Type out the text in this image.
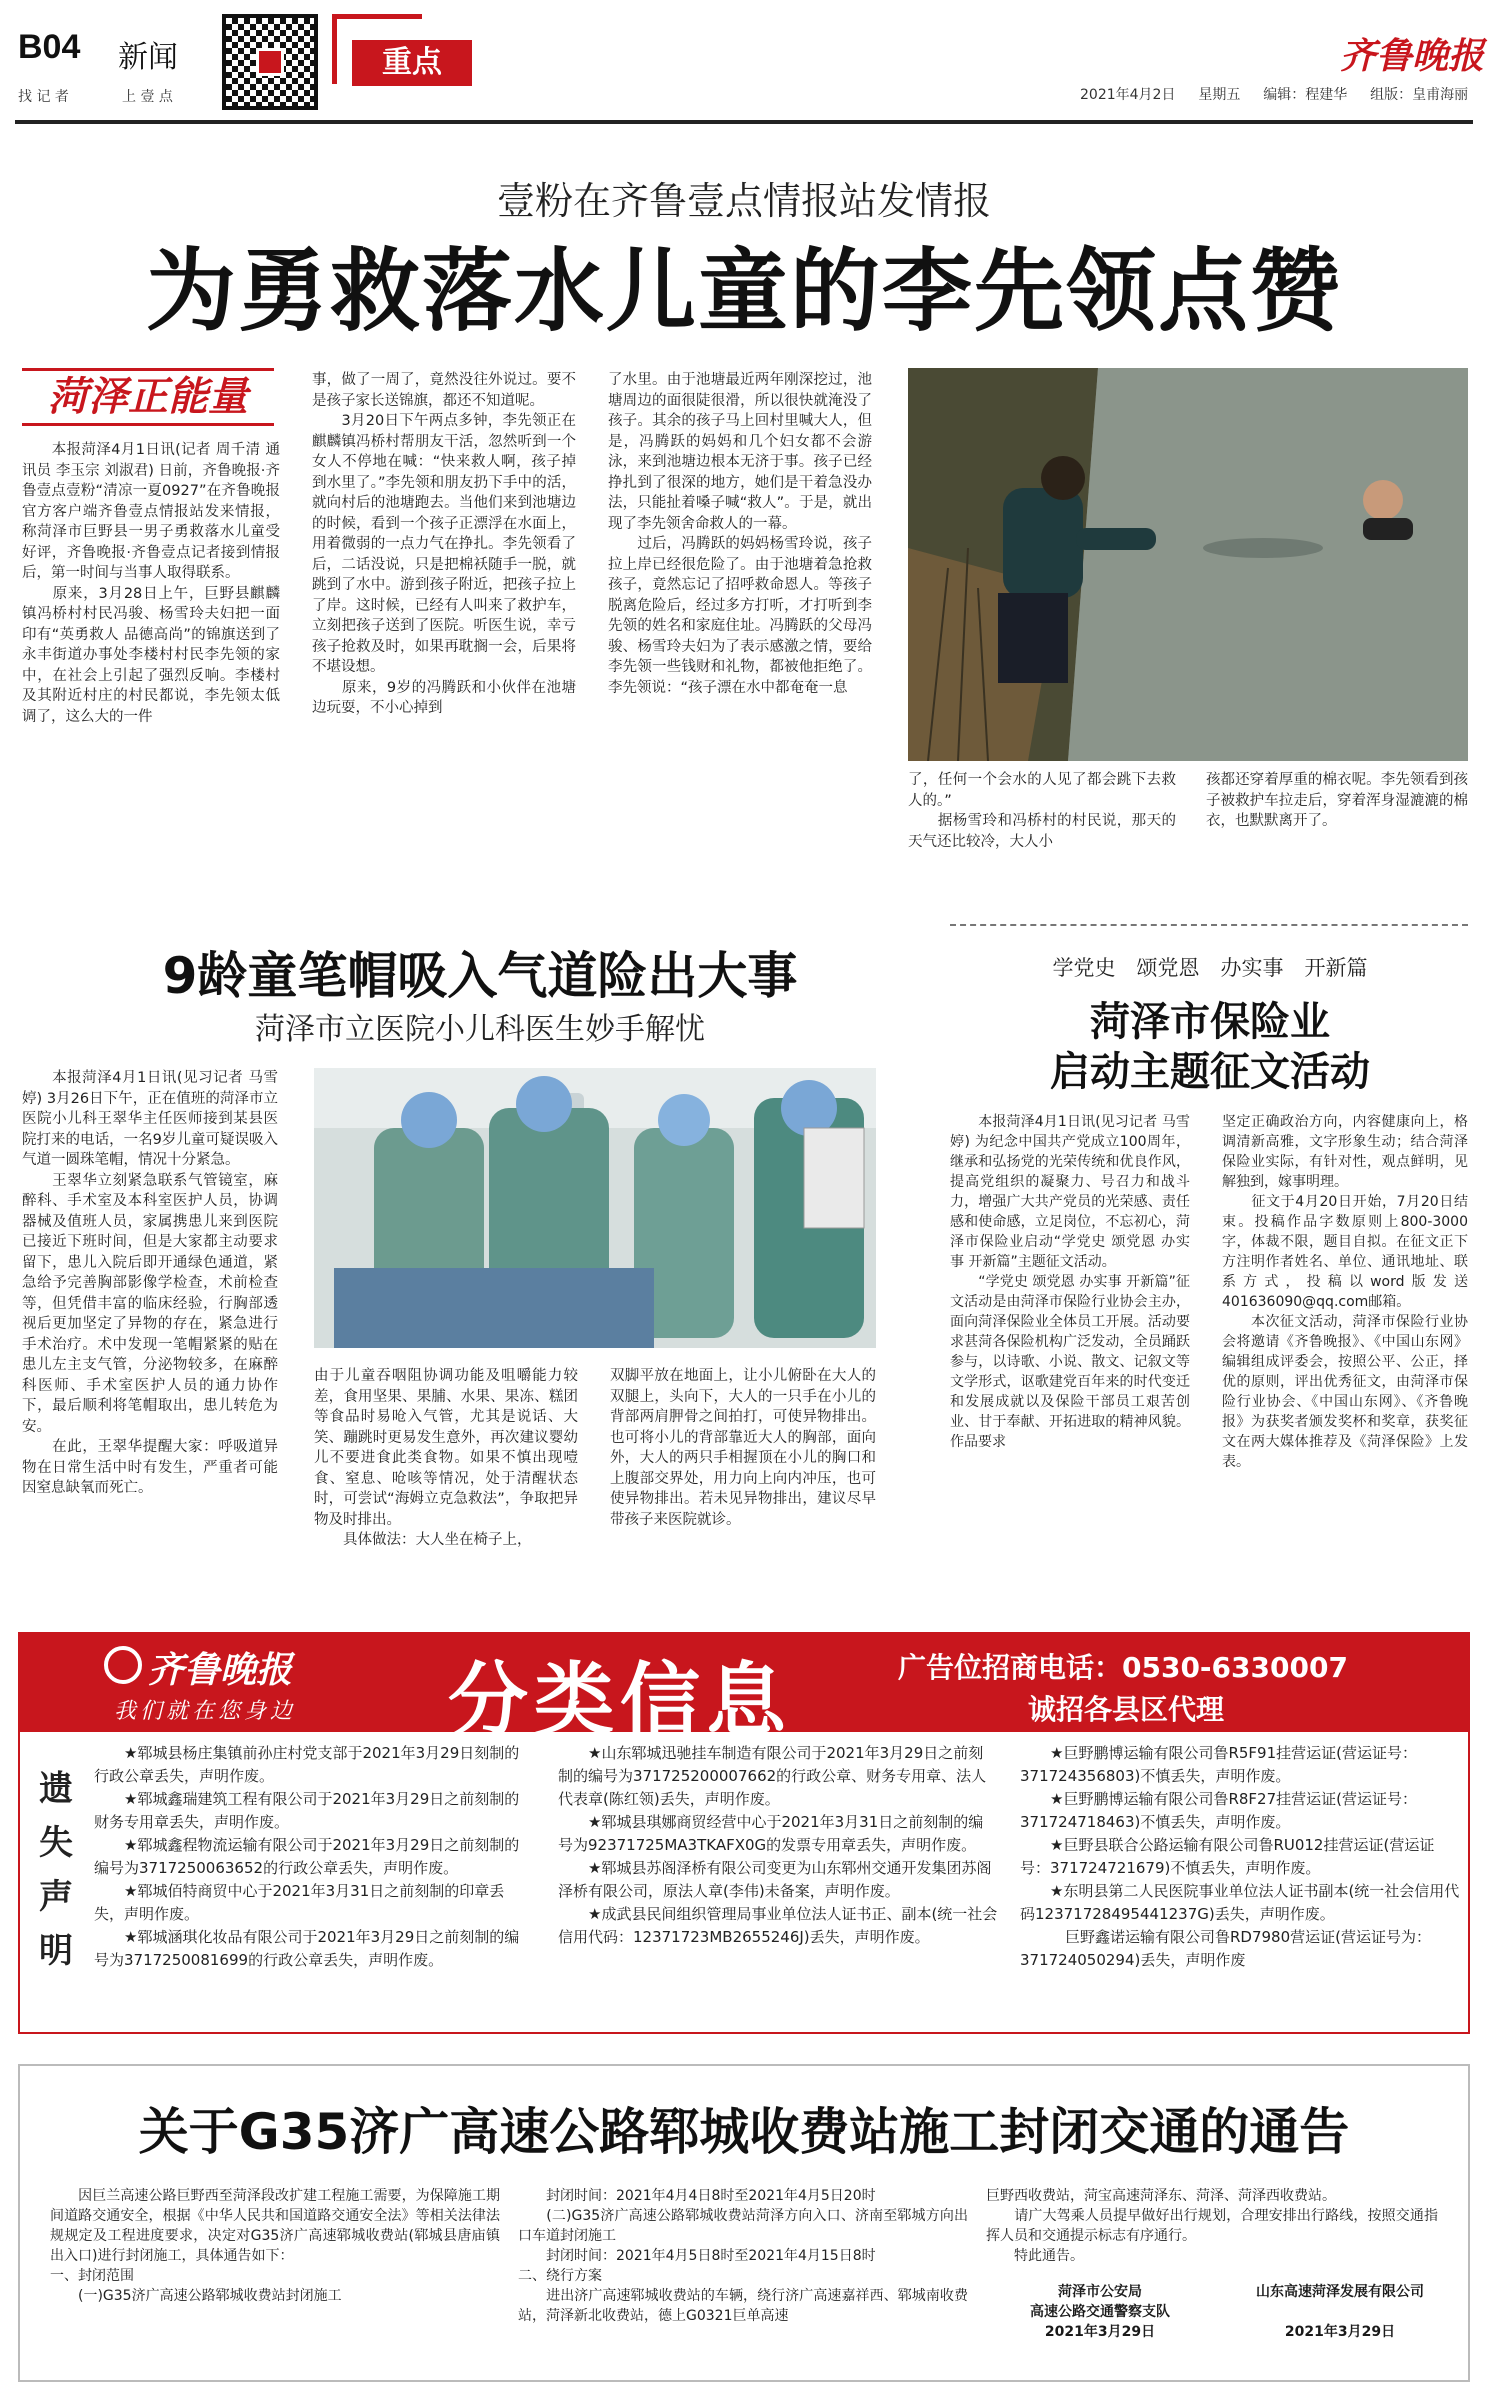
B04 新闻
找 记 者	上 壹 点
重点	齐鲁晚报
2021年4月2日 星期五 编辑：程建华 组版：皇甫海丽
壹粉在齐鲁壹点情报站发情报
为勇救落水儿童的李先领点赞
菏泽正能量
　　本报菏泽4月1日讯(记者 周千清 通讯员 李玉宗 刘淑君) 日前，齐鲁晚报·齐鲁壹点壹粉“清凉一夏0927”在齐鲁晚报官方客户端齐鲁壹点情报站发来情报，称菏泽市巨野县一男子勇救落水儿童受好评，齐鲁晚报·齐鲁壹点记者接到情报后，第一时间与当事人取得联系。
　　原来，3月28日上午，巨野县麒麟镇冯桥村村民冯骏、杨雪玲夫妇把一面印有“英勇救人 品德高尚”的锦旗送到了永丰街道办事处李楼村村民李先领的家中，在社会上引起了强烈反响。李楼村及其附近村庄的村民都说，李先领太低调了，这么大的一件
事，做了一周了，竟然没往外说过。要不是孩子家长送锦旗，都还不知道呢。
　　3月20日下午两点多钟，李先领正在麒麟镇冯桥村帮朋友干活，忽然听到一个女人不停地在喊：“快来救人啊，孩子掉到水里了。”李先领和朋友扔下手中的活，就向村后的池塘跑去。当他们来到池塘边的时候，看到一个孩子正漂浮在水面上，用着微弱的一点力气在挣扎。李先领看了后，二话没说，只是把棉袄随手一脱，就跳到了水中。游到孩子附近，把孩子拉上了岸。这时候，已经有人叫来了救护车，立刻把孩子送到了医院。听医生说，幸亏孩子抢救及时，如果再耽搁一会，后果将不堪设想。
　　原来，9岁的冯腾跃和小伙伴在池塘边玩耍，不小心掉到
了水里。由于池塘最近两年刚深挖过，池塘周边的面很陡很滑，所以很快就淹没了孩子。其余的孩子马上回村里喊大人，但是，冯腾跃的妈妈和几个妇女都不会游泳，来到池塘边根本无济于事。孩子已经挣扎到了很深的地方，她们是干着急没办法，只能扯着嗓子喊“救人”。于是，就出现了李先领舍命救人的一幕。
　　过后，冯腾跃的妈妈杨雪玲说，孩子拉上岸已经很危险了。由于池塘着急抢救孩子，竟然忘记了招呼救命恩人。等孩子脱离危险后，经过多方打听，才打听到李先领的姓名和家庭住址。冯腾跃的父母冯骏、杨雪玲夫妇为了表示感激之情，要给李先领一些钱财和礼物，都被他拒绝了。李先领说：“孩子漂在水中都奄奄一息
了，任何一个会水的人见了都会跳下去救人的。”
　　据杨雪玲和冯桥村的村民说，那天的天气还比较冷，大人小
孩都还穿着厚重的棉衣呢。李先领看到孩子被救护车拉走后，穿着浑身湿漉漉的棉衣，也默默离开了。
9龄童笔帽吸入气道险出大事
菏泽市立医院小儿科医生妙手解忧
　　本报菏泽4月1日讯(见习记者 马雪婷) 3月26日下午，正在值班的菏泽市立医院小儿科王翠华主任医师接到某县医院打来的电话，一名9岁儿童可疑误吸入气道一圆珠笔帽，情况十分紧急。
　　王翠华立刻紧急联系气管镜室，麻醉科、手术室及本科室医护人员，协调器械及值班人员，家属携患儿来到医院已接近下班时间，但是大家都主动要求留下，患儿入院后即开通绿色通道，紧急给予完善胸部影像学检查，术前检查等，但凭借丰富的临床经验，行胸部透视后更加坚定了异物的存在，紧急进行手术治疗。术中发现一笔帽紧紧的贴在患儿左主支气管，分泌物较多，在麻醉科医师、手术室医护人员的通力协作下，最后顺利将笔帽取出，患儿转危为安。
　　在此，王翠华提醒大家：呼吸道异物在日常生活中时有发生，严重者可能因窒息缺氧而死亡。
由于儿童吞咽阻协调功能及咀嚼能力较差，食用坚果、果脯、水果、果冻、糕团等食品时易呛入气管，尤其是说话、大笑、蹦跳时更易发生意外，再次建议婴幼儿不要进食此类食物。如果不慎出现噎食、窒息、呛咳等情况，处于清醒状态时，可尝试“海姆立克急救法”，争取把异物及时排出。
　　具体做法：大人坐在椅子上，
双脚平放在地面上，让小儿俯卧在大人的双腿上，头向下，大人的一只手在小儿的背部两肩胛骨之间拍打，可使异物排出。也可将小儿的背部靠近大人的胸部，面向外，大人的两只手相握顶在小儿的胸口和上腹部交界处，用力向上向内冲压，也可使异物排出。若未见异物排出，建议尽早带孩子来医院就诊。
学党史　颂党恩　办实事　开新篇
菏泽市保险业
启动主题征文活动
　　本报菏泽4月1日讯(见习记者 马雪婷) 为纪念中国共产党成立100周年，继承和弘扬党的光荣传统和优良作风，提高党组织的凝聚力、号召力和战斗力，增强广大共产党员的光荣感、责任感和使命感，立足岗位，不忘初心，菏泽市保险业启动“学党史 颂党恩 办实事 开新篇”主题征文活动。
　　“学党史 颂党恩 办实事 开新篇”征文活动是由菏泽市保险行业协会主办，面向菏泽保险业全体员工开展。活动要求甚菏各保险机构广泛发动，全员踊跃参与，以诗歌、小说、散文、记叙文等文学形式，讴歌建党百年来的时代变迁和发展成就以及保险干部员工艰苦创业、甘于奉献、开拓进取的精神风貌。作品要求
坚定正确政治方向，内容健康向上，格调清新高雅，文字形象生动；结合菏泽保险业实际，有针对性，观点鲜明，见解独到，嫁事明理。
　　征文于4月20日开始，7月20日结束。投稿作品字数原则上800-3000字，体裁不限，题目自拟。在征文正下方注明作者姓名、单位、通讯地址、联系方式，投稿以word版发送401636090@qq.com邮箱。
　　本次征文活动，菏泽市保险行业协会将邀请《齐鲁晚报》、《中国山东网》编辑组成评委会，按照公平、公正，择优的原则，评出优秀征文，由菏泽市保险行业协会、《中国山东网》、《齐鲁晚报》为获奖者颁发奖杯和奖章，获奖征文在两大媒体推荐及《菏泽保险》上发表。
齐鲁晚报
我们就在您身边 分类信息	广告位招商电话：0530-6330007
诚招各县区代理
遗
失
声
明

★郓城县杨庄集镇前孙庄村党支部于2021年3月29日刻制的行政公章丢失，声明作废。

★郓城鑫瑞建筑工程有限公司于2021年3月29日之前刻制的财务专用章丢失，声明作废。

★郓城鑫程物流运输有限公司于2021年3月29日之前刻制的编号为3717250063652的行政公章丢失，声明作废。

★郓城佰特商贸中心于2021年3月31日之前刻制的印章丢失，声明作废。

★郓城涵琪化妆品有限公司于2021年3月29日之前刻制的编号为3717250081699的行政公章丢失，声明作废。

★山东郓城迅驰挂车制造有限公司于2021年3月29日之前刻制的编号为371725200007662的行政公章、财务专用章、法人代表章(陈红领)丢失，声明作废。

★郓城县琪娜商贸经营中心于2021年3月31日之前刻制的编号为92371725MA3TKAFX0G的发票专用章丢失，声明作废。

★郓城县苏阁泽桥有限公司变更为山东郓州交通开发集团苏阁泽桥有限公司，原法人章(李伟)未备案，声明作废。

★成武县民间组织管理局事业单位法人证书正、副本(统一社会信用代码：12371723MB2655246J)丢失，声明作废。

★巨野鹏博运输有限公司鲁R5F91挂营运证(营运证号：371724356803)不慎丢失，声明作废。

★巨野鹏博运输有限公司鲁R8F27挂营运证(营运证号：371724718463)不慎丢失，声明作废。

★巨野县联合公路运输有限公司鲁RU012挂营运证(营运证号：371724721679)不慎丢失，声明作废。

★东明县第二人民医院事业单位法人证书副本(统一社会信用代码12371728495441237G)丢失，声明作废。

　巨野鑫诺运输有限公司鲁RD7980营运证(营运证号为：371724050294)丢失，声明作废

关于G35济广高速公路郓城收费站施工封闭交通的通告
　　因巨兰高速公路巨野西至菏泽段改扩建工程施工需要，为保障施工期间道路交通安全，根据《中华人民共和国道路交通安全法》等相关法律法规规定及工程进度要求，决定对G35济广高速郓城收费站(郓城县唐庙镇出入口)进行封闭施工，具体通告如下：
一、封闭范围
　　(一)G35济广高速公路郓城收费站封闭施工
　　封闭时间：2021年4月4日8时至2021年4月5日20时
　　(二)G35济广高速公路郓城收费站菏泽方向入口、济南至郓城方向出口车道封闭施工
　　封闭时间：2021年4月5日8时至2021年4月15日8时
二、绕行方案
　　进出济广高速郓城收费站的车辆，绕行济广高速嘉祥西、郓城南收费站，菏泽新北收费站，德上G0321巨单高速
巨野西收费站，菏宝高速菏泽东、菏泽、菏泽西收费站。
　　请广大驾乘人员提早做好出行规划，合理安排出行路线，按照交通指挥人员和交通提示标志有序通行。
　　特此通告。
菏泽市公安局
高速公路交通警察支队
2021年3月29日
山东高速菏泽发展有限公司
2021年3月29日
